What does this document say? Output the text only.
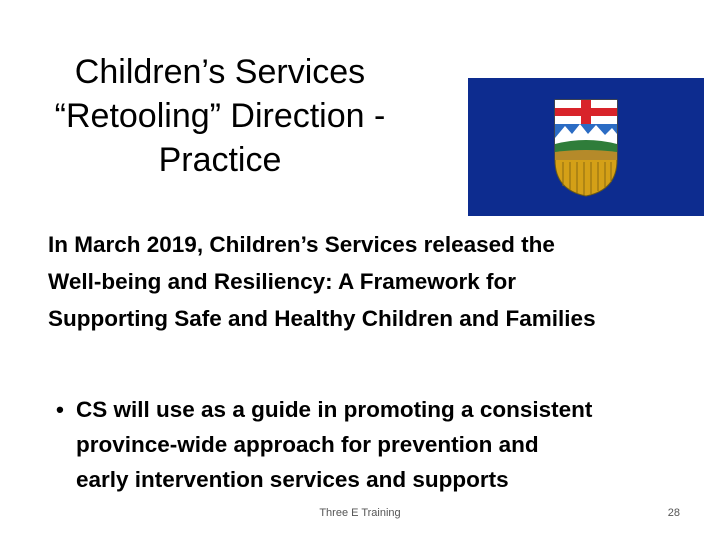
Children’s Services
“Retooling” Direction -
Practice
In March 2019, Children’s Services released the
Well-being and Resiliency: A Framework for
Supporting Safe and Healthy Children and Families
• CS will use as a guide in promoting a consistent
province-wide approach for prevention and
early intervention services and supports
Three E Training	28
